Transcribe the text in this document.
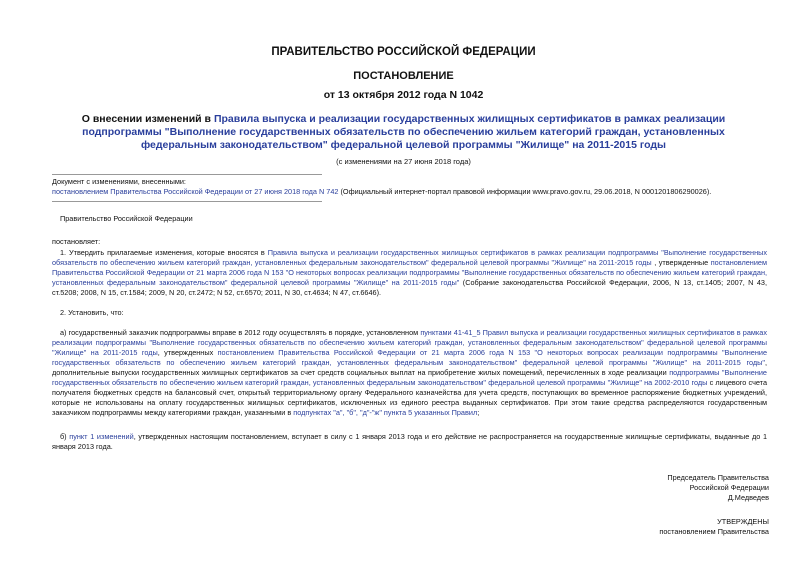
ПРАВИТЕЛЬСТВО РОССИЙСКОЙ ФЕДЕРАЦИИ
ПОСТАНОВЛЕНИЕ
от 13 октября 2012 года N 1042
О внесении изменений в Правила выпуска и реализации государственных жилищных сертификатов в рамках реализации подпрограммы "Выполнение государственных обязательств по обеспечению жильем категорий граждан, установленных федеральным законодательством" федеральной целевой программы "Жилище" на 2011-2015 годы
(с изменениями на 27 июня 2018 года)
Документ с изменениями, внесенными:
постановлением Правительства Российской Федерации от 27 июня 2018 года N 742 (Официальный интернет-портал правовой информации www.pravo.gov.ru, 29.06.2018, N 0001201806290026).
Правительство Российской Федерации
постановляет:
1. Утвердить прилагаемые изменения, которые вносятся в Правила выпуска и реализации государственных жилищных сертификатов в рамках реализации подпрограммы "Выполнение государственных обязательств по обеспечению жильем категорий граждан, установленных федеральным законодательством" федеральной целевой программы "Жилище" на 2011-2015 годы , утвержденные постановлением Правительства Российской Федерации от 21 марта 2006 года N 153 "О некоторых вопросах реализации подпрограммы "Выполнение государственных обязательств по обеспечению жильем категорий граждан, установленных федеральным законодательством" федеральной целевой программы "Жилище" на 2011-2015 годы" (Собрание законодательства Российской Федерации, 2006, N 13, ст.1405; 2007, N 43, ст.5208; 2008, N 15, ст.1584; 2009, N 20, ст.2472; N 52, ст.6570; 2011, N 30, ст.4634; N 47, ст.6646).
2. Установить, что:
а) государственный заказчик подпрограммы вправе в 2012 году осуществлять в порядке, установленном пунктами 41-41_5 Правил выпуска и реализации государственных жилищных сертификатов в рамках реализации подпрограммы "Выполнение государственных обязательств по обеспечению жильем категорий граждан, установленных федеральным законодательством" федеральной целевой программы "Жилище" на 2011-2015 годы, утвержденных постановлением Правительства Российской Федерации от 21 марта 2006 года N 153 "О некоторых вопросах реализации подпрограммы "Выполнение государственных обязательств по обеспечению жильем категорий граждан, установленных федеральным законодательством" федеральной целевой программы "Жилище" на 2011-2015 годы", дополнительные выпуски государственных жилищных сертификатов за счет средств социальных выплат на приобретение жилых помещений, перечисленных в ходе реализации подпрограммы "Выполнение государственных обязательств по обеспечению жильем категорий граждан, установленных федеральным законодательством" федеральной целевой программы "Жилище" на 2002-2010 годы с лицевого счета получателя бюджетных средств на балансовый счет, открытый территориальному органу Федерального казначейства для учета средств, поступающих во временное распоряжение бюджетных учреждений, которые не использованы на оплату государственных жилищных сертификатов, исключенных из единого реестра выданных сертификатов. При этом такие средства распределяются государственным заказчиком подпрограммы между категориями граждан, указанными в подпунктах "а", "б", "д"-"ж" пункта 5 указанных Правил;
б) пункт 1 изменений, утвержденных настоящим постановлением, вступает в силу с 1 января 2013 года и его действие не распространяется на государственные жилищные сертификаты, выданные до 1 января 2013 года.
Председатель Правительства
Российской Федерации
Д.Медведев
УТВЕРЖДЕНЫ
постановлением Правительства
